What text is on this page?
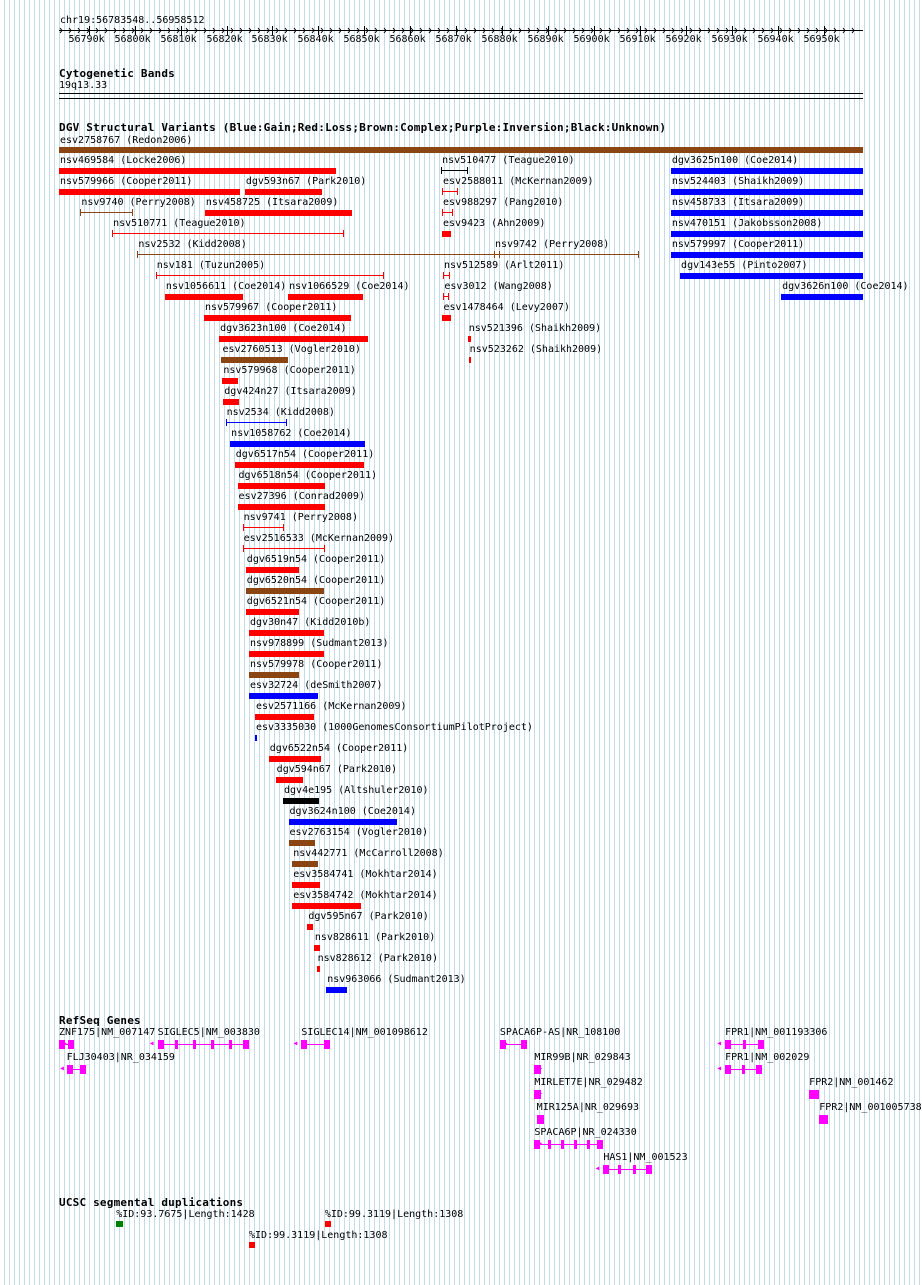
chr19:56783548..56958512
Cytogenetic Bands
19q13.33
DGV Structural Variants (Blue:Gain;Red:Loss;Brown:Complex;Purple:Inversion;Black:Unknown)
esv2758767 (Redon2006)
nsv469584 (Locke2006)	nsv510477 (Teague2010)	dgv3625n100 (Coe2014)
nsv579966 (Cooper2011)	dgv593n67 (Park2010)	esv2588011 (McKernan2009)	nsv524403 (Shaikh2009)
nsv9740 (Perry2008) nsv458725 (Itsara2009)	esv988297 (Pang2010)	nsv458733 (Itsara2009)
nsv510771 (Teague2010)	esv9423 (Ahn2009)	nsv470151 (Jakobsson2008)
nsv2532 (Kidd2008)	nsv9742 (Perry2008)	nsv579997 (Cooper2011)
nsv181 (Tuzun2005)	nsv512589 (Arlt2011)	dgv143e55 (Pinto2007)
nsv1056611 (Coe2014) nsv1066529 (Coe2014)	esv3012 (Wang2008)	dgv3626n100 (Coe2014)
nsv579967 (Cooper2011)	esv1478464 (Levy2007)
dgv3623n100 (Coe2014)	nsv521396 (Shaikh2009)
esv2760513 (Vogler2010)	nsv523262 (Shaikh2009)
nsv579968 (Cooper2011)
dgv424n27 (Itsara2009)
nsv2534 (Kidd2008)
nsv1058762 (Coe2014)
dgv6517n54 (Cooper2011)
dgv6518n54 (Cooper2011)
esv27396 (Conrad2009)
nsv9741 (Perry2008)
esv2516533 (McKernan2009)
dgv6519n54 (Cooper2011)
dgv6520n54 (Cooper2011)
dgv6521n54 (Cooper2011)
dgv30n47 (Kidd2010b)
nsv978899 (Sudmant2013)
nsv579978 (Cooper2011)
esv32724 (deSmith2007)
esv2571166 (McKernan2009)
esv3335030 (1000GenomesConsortiumPilotProject)
dgv6522n54 (Cooper2011)
dgv594n67 (Park2010)
dgv4e195 (Altshuler2010)
dgv3624n100 (Coe2014)
esv2763154 (Vogler2010)
nsv442771 (McCarroll2008)
esv3584741 (Mokhtar2014)
esv3584742 (Mokhtar2014)
dgv595n67 (Park2010)
nsv828611 (Park2010)
nsv828612 (Park2010)
nsv963066 (Sudmant2013)
RefSeq Genes
ZNF175|NM_007147
▸
SIGLEC5|NM_003830
◂
SIGLEC14|NM_001098612
◂
SPACA6P-AS|NR_108100
▸
FPR1|NM_001193306
◂
FLJ30403|NR_034159
◂
MIR99B|NR_029843
▸
FPR1|NM_002029
◂
MIRLET7E|NR_029482
▸
FPR2|NM_001462
▸
MIR125A|NR_029693
▸
FPR2|NM_001005738
▸
SPACA6P|NR_024330
▸
HAS1|NM_001523
◂
UCSC segmental duplications
%ID:93.7675|Length:1428	%ID:99.3119|Length:1308
%ID:99.3119|Length:1308
56790k 56800k 56810k 56820k 56830k 56840k 56850k 56860k 56870k 56880k 56890k 56900k 56910k 56920k 56930k 56940k 56950k
